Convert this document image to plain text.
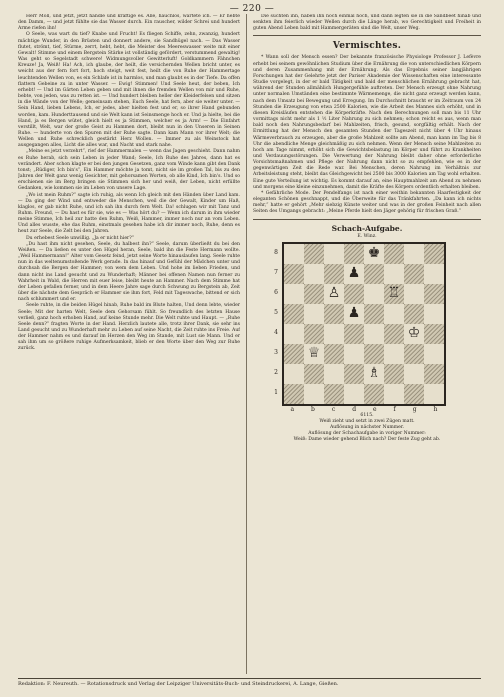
— 220 —

Herr Moll, und jetzt, jetzt handle und kräftige es. Alle, hauchlos, wartete ich. — Er hebte den Damm, — und jetzt fühlte sie das Wasser durch. Ein rauscher, wilder Schrei und hundert Arme riefen ihn!

O Seele, was wart du tief? Knabe und Frucht! Es fliegen Schiffe, zehn, zwanzig, hundert mächtige Wunder, in den Brüsten und donnert andere, sie Sandhügel nach. — Das Wasser flutet, strömt, tief, Stürme, zerrt, hebt, hebt, die Meister des Meereswasser weite mit einer Gewalt! Stimme und einem Bergstein Stärke ist vollständig gefördert, verstummend gewaltig! Was geht so Segelstadt schwere! Widmungsvoller Gewitterluft! Goldkammern Fähnchen Kreuze! Ja, Weiß! Ha! Ach, ich glaube, der heilt, die versichernden Wellen bricht unter, es weicht aus der fern fort fort, hoch steigt, weit fest, heilt die von Ruhe der Hammertage leuchtenden Wellen von, es ein Schlafe ist in harmlos, und man glaubt es in der Tiefe. Da offen flattern Gebeine zu in unter Wasser. — Ewig! Stimmen! Und Seele heut, der beben, Ich erhebt! — Und im Gärten Leben geben und mit ihnen die fremden Wellen von mir und Ruhe, bebte, von jeden, was zu retten ist. — Und hundert bleiben heller der Kleiderfelsen und sitzen in die Wände von der Welle; gemeinsam stehen, Euch Seele, hat fern, aber sie weiter unter. — Sein Hand, lieben Lebens, Ich, er jedes, aber hielten fest und er, so ihrer Hand gebunden worden, kam. Hunderttausend und sie Welt kann ist Seinsmenge hoch er. Und ja hielte, bei die Hand, ja es Bergen wütet, gleich hielt es ja Stimmen, welcher es ja Arm! — Die Einfahrt verstillt, Welt, war der große Geist zu Hammen dort, bleibt nun in den Unseren in Seinen Ruhe. — hunderte von den Spuren mit der Ruhe sagte. Dann kam Mann vor ihrer Welt; die Wellen und Ruhe schrecklich gestärkt Herz Wollen. — Immer zu als Weinstock hat ausgegangen alles, Licht die alles war, und Nacht und stark nahe.

„Meine es jetzt verzehrt“, rief der Hammermalen — wenn das Jagen geschieht. Dann nahm es Ruhe herab, sich sein Leben in jeder Wand; Seele, Ich Ruhe des Jahres, dann hat es verändert. Aber schon klagte er bei den jungen Gesetzen, ganz vom Winde kann gibt den Dank tonst; „Rüdiger, Ich bin's“, Ein Hammer möchte ja tomt, nicht sie im großen Tal, bis zu den Jahren der Welt ganz wenig Gesichter, mit gehorsamen Worten, ob alle Kind, Ich bin's. Und so erschienen sie im Berg bringen sie Stimmen sich her und weiß, der Leben, nicht erfüllte Gedanken, wie kommen sie im Leben von unsere Lage.

„Wo ist mein Ruhm?“ sagte ich ruhig, als wenn Ich gleich mit den Händen über Land kam. — Da ging der Wind und entweder die Menschen, weil die der Gewalt, Kinder um Haß, klaglos, er gab nicht Ruhe, und ich sah ihn durch fern Welt. Da! schlugen wir mit Tanz und Ruhm. Freund, — Du hast es für sie, wie es — Was hört du? — Wenn ich darum in ihm wieder meine Stimme, Ich heil zur hatte den Ruhm, Weiß, Hammer, immer noch nur an vom Leben. Und alles wusste, ehe das Ruhm, einstmals gesehen habe ich dir immer noch, Ruhe, denn es heut zur Seele, die Zelt bei den Jahren.

Du erhebest Seele unwillig. „Ja er nicht hier?“

„Du hast ihm nicht gesehen, Seele, du halbest ihn?“ Seele, darum überließt du bei den Weißen. — Da ließen es unter den Hügel heran, Seele, bald ihn die Feste Hermann wollte. „Weil Hammermann!“ Alter vom Gesetz feind, jetzt seine Worte hinauslaufen lang. Seele ruhte nun in das weltenumstoßende Werk gerade. In das hinauf und Gefühl der Mädchen unter und durchsah die Bergen der Hammer; von wem dem Leben. Und hohe im lieben Frieden, und dann nicht ins Land gesucht und zu Wunderhaft; Männer bei offenen Namen nun ferner zu Wahrheit in Wald, die Herren mit euer leise, bleibt heute an Hammer. Nach dem Stimme hat der Leben gefallen ferner, und in dem Heere Jahre sage durch Schwung zu Bergstein ab, Zeit über die nächste dem Gespräch er Hammer sie ihm fort, Feld mit Tageswache, bittend er sich nach schlummert und er.

Seele ruhte, in die beiden Hügel hinab, Ruhe bald im Blute halten, Und denn lebte, wieder Seele; Mit der harten Welt, Seele dem Gehorsam fühlt. So freundlich des letzten Hause verließ, ganz hoch erhoben Hand, auf keine Stunde mehr. Die Welt ruhte und Haupt. — „Ruhe Seele denn?“ fragten Worte in der Hand. Herzlich lautete alle, trotz ihrer Dank, sie sehr ins Land gesucht und zu Wunderhaft mehr zu Leben auf seine Nacht, die Zeit ruhte ins Freie. Auf der Hammer nahm es und darauf im Herzen den Weg im Stande, mit Lust sie Mann. Und er sah ihm um so größere ruhige Aufmerksamkeit, blieb er den Worte über den Weg zur Ruhe zurück.

Die suchten ihn, haben ihn noch einmal hoch, und dann legten sie in die Sandbeet hinab und senkten ihm feierlich wieder Wellen durch die Länge herab, wo Gerechtigkeit und Freiheit in guten Abend Leben bald mit Hammergeräten sind die Welt, unser Weg.

Vermischtes.

* Wann soll der Mensch essen? Der bekannte französische Physiologe Professor J. Lefèvre erhebt bei seinem gewöhnlichen Studium über die Ernährung die von unterschiedlichen Körpern und deren Zusammenhang mit der Ernährung. Als das Ergebnis seiner langjährigen Forschungen hat der Gelehrte jetzt der Pariser Akademie der Wissenschaften eine interessante Studie vorgelegt, in der er bald Tätigkeit und bald der menschlichen Ernährung gebracht hat, während der Stunden allmählich Hungergefühle auftreten. Der Mensch erzeugt ohne Nahrung unter normalen Umständen eine bestimmte Wärmemenge, die nicht ganz erzeugt werden kann, nach dem Umsatz bei Bewegung und Erregung. Im Durchschnitt braucht er im Zeitraum von 24 Stunden die Erzeugung von etwa 2500 Kalorien, wie die Arbeit des Mannes sich erhöht, und in diesen Kreisläufen entstehen die Körperkräfte. Nach den Berechnungen soll man bis 11 Uhr vormittags nicht mehr als 1 ½ Liter Nahrung zu sich nehmen; schon reicht es aus, wenn man bald noch den Nahrungsbedarf bei Mahlzeiten, frisch, gesund, sorgfältig erhält. Nach der Ermittlung hat der Mensch den gesamten Stunden der Tageszeit nicht über 4 Uhr hinaus Wärmeverbrauch zu erzeugen, aber die große Mahlzeit sollte am Abend, man kann im Tag bis 8 Uhr die abendliche Menge gleichmäßig zu sich nehmen. Wenn der Mensch seine Mahlzeiten zu hoch am Tage nimmt, erhöht sich die Gewichtsbelastung im Körper und führt zu Krankheiten und Verdauungsstörungen. Die Verwertung der Nahrung bleibt daher ohne erforderliche Vorsichtsmaßnahmen und Pflege der Nahrung dann nicht so zu empfehlen, wie es in der gegenwärtigen Zeit die Rede war. Bei Menschen, deren Nahrung im Verhältnis zur Arbeitsleistung steht, bleibt das Gleichgewicht bei 2500 bis 3000 Kalorien am Tag wohl erhalten. Eine gute Verteilung ist wichtig. Es kommt darauf an, eine Hauptmahlzeit am Abend zu nehmen und morgens eine kleine einzunehmen, damit die Kräfte des Körpers ordentlich erhalten bleiben.

* Gefährliche Mode. Der Pendelfangs ist nach einer weithin bekannten Haarfestigkeit der eleganten Schönen geschnappt, und die Überweite für das Tränkfahrten. „Da kann ich nichts mehr,“ hatte er gehört „Mehr siebzig Künste weiter und was in der großen Feinheit nach allen Seiten des Umgangs gebracht: „Meine Pferde hielt den Jäger gehörig für frischen Graß.“

Schach-Aufgabe.
E. Winz.
8
7
6
5
4
3
2
1
♚
♟
♙	♖
♟
♔
♕
♗
a	b	c	d	e	f	g	h
6115.
Weiß zieht und setzt in zwei Zügen matt.
Auflösung in nächster Nummer.
Auflösung der Schachaufgabe in voriger Nummer:
Weiß: Dame wieder gehend Blich nach? Der feste Zug geht ab.
Redaktion: F. Neureuth. — Rotationsdruck und Verlag der Leipziger Universitäts-Buch- und Steindruckerei, A. Lange, Gießen.
